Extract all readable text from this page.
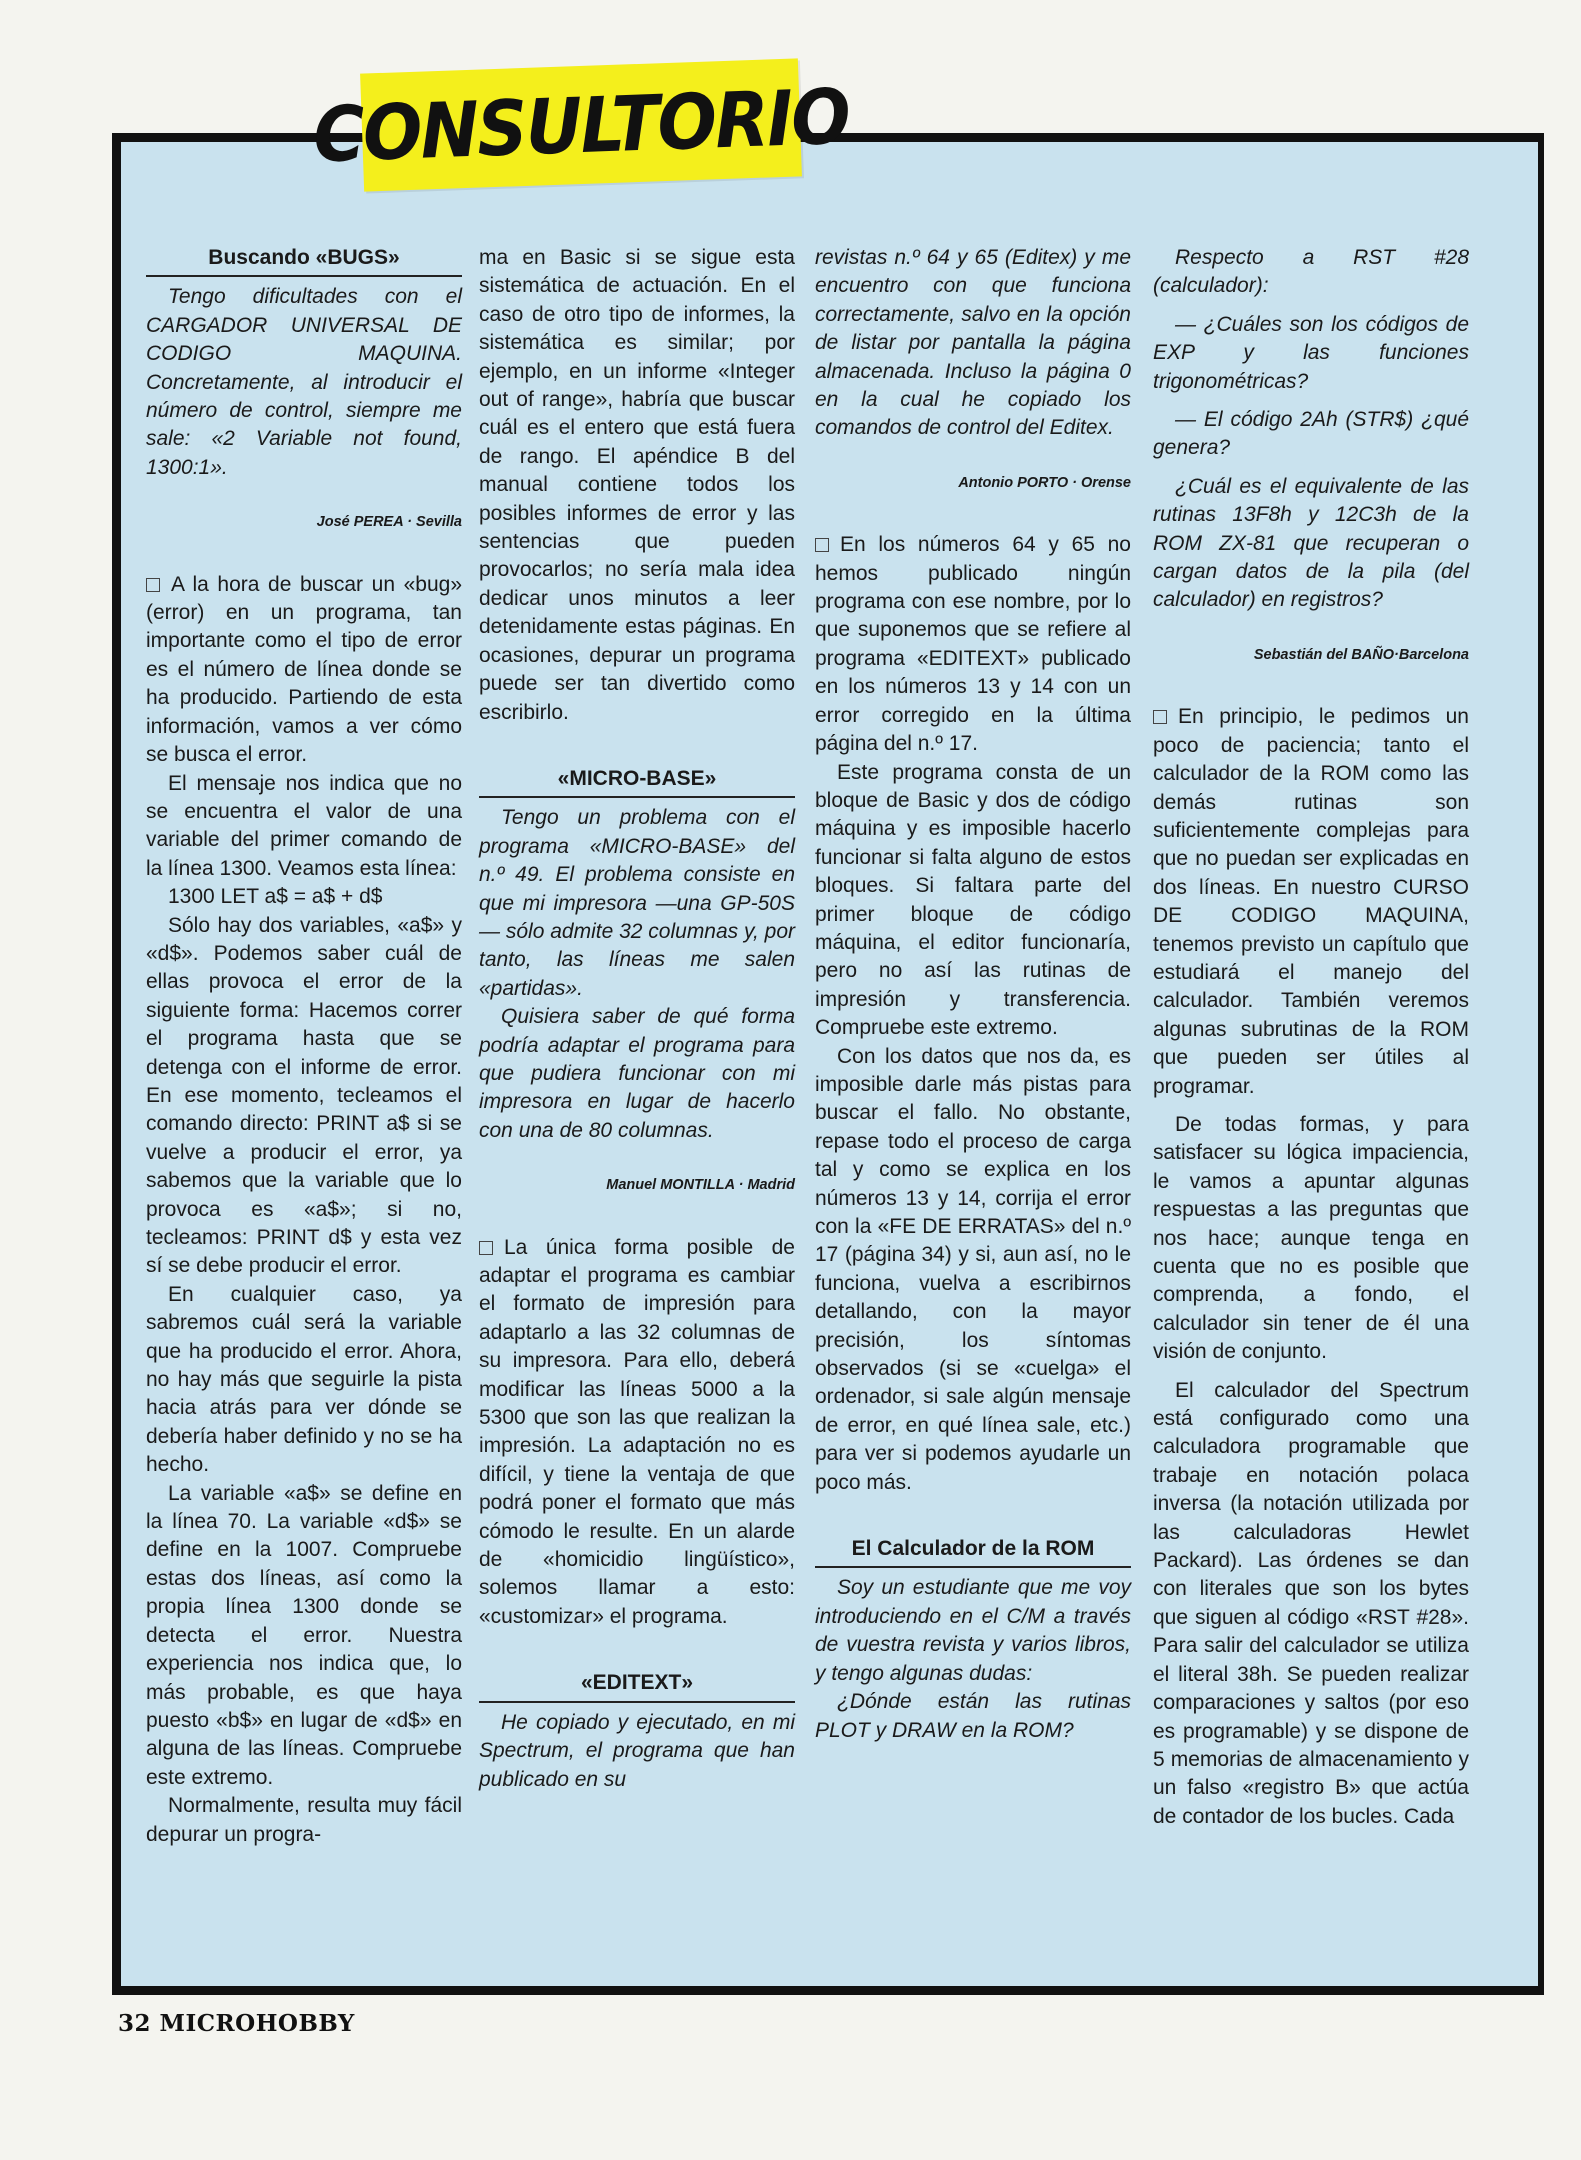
CONSULTORIO
Buscando «BUGS»

Tengo dificultades con el CARGADOR UNIVERSAL DE CODIGO MAQUINA. Concretamente, al introducir el número de control, siempre me sale: «2 Variable not found, 1300:1».

José PEREA · Sevilla

A la hora de buscar un «bug» (error) en un programa, tan importante como el tipo de error es el número de línea donde se ha producido. Partiendo de esta información, vamos a ver cómo se busca el error.

El mensaje nos indica que no se encuentra el valor de una variable del primer comando de la línea 1300. Veamos esta línea:

1300 LET a$ = a$ + d$

Sólo hay dos variables, «a$» y «d$». Podemos saber cuál de ellas provoca el error de la siguiente forma: Hacemos correr el programa hasta que se detenga con el informe de error. En ese momento, tecleamos el comando directo: PRINT a$ si se vuelve a producir el error, ya sabemos que la variable que lo provoca es «a$»; si no, tecleamos: PRINT d$ y esta vez sí se debe producir el error.

En cualquier caso, ya sabremos cuál será la variable que ha producido el error. Ahora, no hay más que seguirle la pista hacia atrás para ver dónde se debería haber definido y no se ha hecho.

La variable «a$» se define en la línea 70. La variable «d$» se define en la 1007. Compruebe estas dos líneas, así como la propia línea 1300 donde se detecta el error. Nuestra experiencia nos indica que, lo más probable, es que haya puesto «b$» en lugar de «d$» en alguna de las líneas. Compruebe este extremo.

Normalmente, resulta muy fácil depurar un progra-

ma en Basic si se sigue esta sistemática de actuación. En el caso de otro tipo de informes, la sistemática es similar; por ejemplo, en un informe «Integer out of range», habría que buscar cuál es el entero que está fuera de rango. El apéndice B del manual contiene todos los posibles informes de error y las sentencias que pueden provocarlos; no sería mala idea dedicar unos minutos a leer detenidamente estas páginas. En ocasiones, depurar un programa puede ser tan divertido como escribirlo.

«MICRO-BASE»

Tengo un problema con el programa «MICRO-BASE» del n.º 49. El problema consiste en que mi impresora —una GP-50S— sólo admite 32 columnas y, por tanto, las líneas me salen «partidas».

Quisiera saber de qué forma podría adaptar el programa para que pudiera funcionar con mi impresora en lugar de hacerlo con una de 80 columnas.

Manuel MONTILLA · Madrid

La única forma posible de adaptar el programa es cambiar el formato de impresión para adaptarlo a las 32 columnas de su impresora. Para ello, deberá modificar las líneas 5000 a la 5300 que son las que realizan la impresión. La adaptación no es difícil, y tiene la ventaja de que podrá poner el formato que más cómodo le resulte. En un alarde de «homicidio lingüístico», solemos llamar a esto: «customizar» el programa.

«EDITEXT»

He copiado y ejecutado, en mi Spectrum, el programa que han publicado en su

revistas n.º 64 y 65 (Editex) y me encuentro con que funciona correctamente, salvo en la opción de listar por pantalla la página almacenada. Incluso la página 0 en la cual he copiado los comandos de control del Editex.

Antonio PORTO · Orense

En los números 64 y 65 no hemos publicado ningún programa con ese nombre, por lo que suponemos que se refiere al programa «EDITEXT» publicado en los números 13 y 14 con un error corregido en la última página del n.º 17.

Este programa consta de un bloque de Basic y dos de código máquina y es imposible hacerlo funcionar si falta alguno de estos bloques. Si faltara parte del primer bloque de código máquina, el editor funcionaría, pero no así las rutinas de impresión y transferencia. Compruebe este extremo.

Con los datos que nos da, es imposible darle más pistas para buscar el fallo. No obstante, repase todo el proceso de carga tal y como se explica en los números 13 y 14, corrija el error con la «FE DE ERRATAS» del n.º 17 (página 34) y si, aun así, no le funciona, vuelva a escribirnos detallando, con la mayor precisión, los síntomas observados (si se «cuelga» el ordenador, si sale algún mensaje de error, en qué línea sale, etc.) para ver si podemos ayudarle un poco más.

El Calculador de la ROM

Soy un estudiante que me voy introduciendo en el C/M a través de vuestra revista y varios libros, y tengo algunas dudas:

¿Dónde están las rutinas PLOT y DRAW en la ROM?

Respecto a RST #28 (calculador):

— ¿Cuáles son los códigos de EXP y las funciones trigonométricas?

— El código 2Ah (STR$) ¿qué genera?

¿Cuál es el equivalente de las rutinas 13F8h y 12C3h de la ROM ZX-81 que recuperan o cargan datos de la pila (del calculador) en registros?

Sebastián del BAÑO·Barcelona

En principio, le pedimos un poco de paciencia; tanto el calculador de la ROM como las demás rutinas son suficientemente complejas para que no puedan ser explicadas en dos líneas. En nuestro CURSO DE CODIGO MAQUINA, tenemos previsto un capítulo que estudiará el manejo del calculador. También veremos algunas subrutinas de la ROM que pueden ser útiles al programar.

De todas formas, y para satisfacer su lógica impaciencia, le vamos a apuntar algunas respuestas a las preguntas que nos hace; aunque tenga en cuenta que no es posible que comprenda, a fondo, el calculador sin tener de él una visión de conjunto.

El calculador del Spectrum está configurado como una calculadora programable que trabaje en notación polaca inversa (la notación utilizada por las calculadoras Hewlet Packard). Las órdenes se dan con literales que son los bytes que siguen al código «RST #28». Para salir del calculador se utiliza el literal 38h. Se pueden realizar comparaciones y saltos (por eso es programable) y se dispone de 5 memorias de almacenamiento y un falso «registro B» que actúa de contador de los bucles. Cada

32 MICROHOBBY
